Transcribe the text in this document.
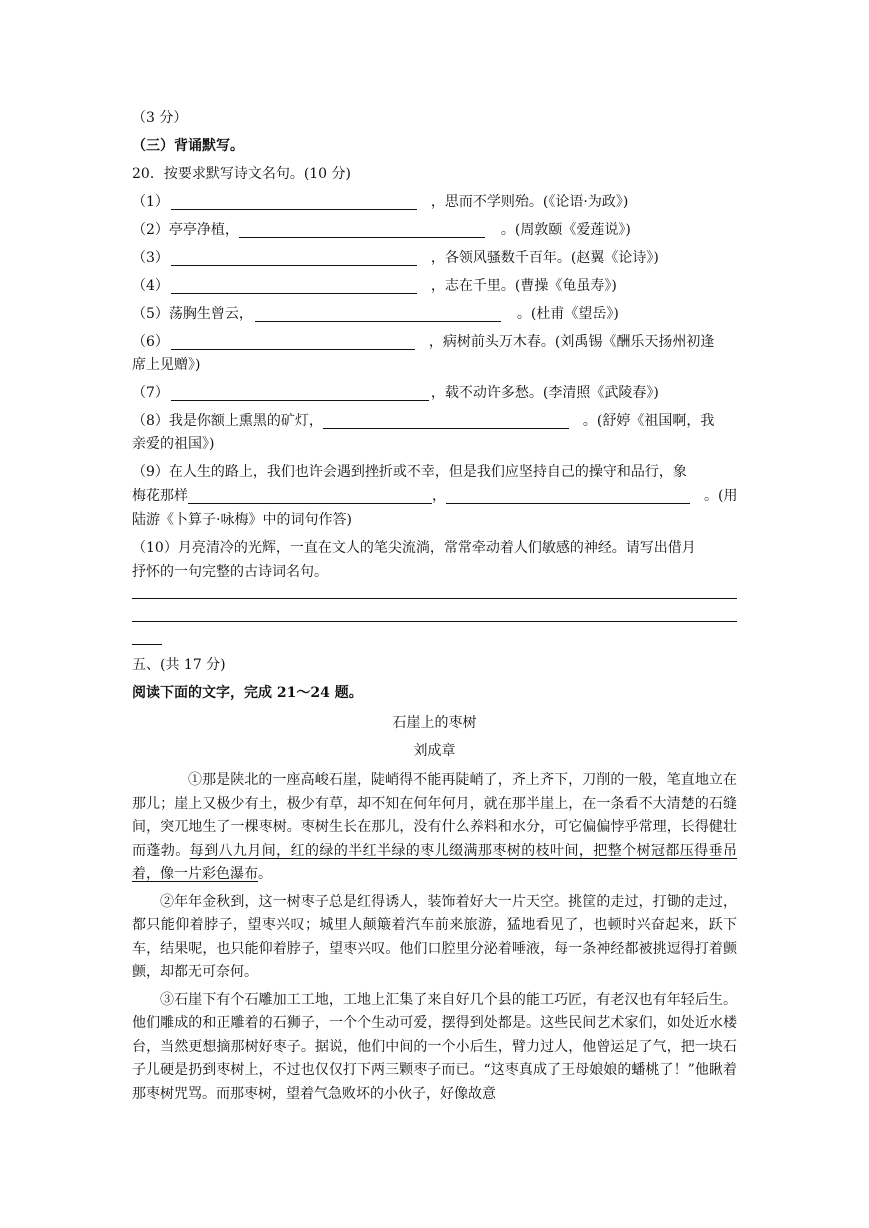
（3 分）
（三）背诵默写。
20．按要求默写诗文名句。(10 分)
（1）	，思而不学则殆。(《论语·为政》)
（2）亭亭净植，	。(周敦颐《爱莲说》)
（3）	，各领风骚数千百年。(赵翼《论诗》)
（4）	，志在千里。(曹操《龟虽寿》)
（5）荡胸生曾云，	。(杜甫《望岳》)
（6）	，病树前头万木春。(刘禹锡《酬乐天扬州初逢
席上见赠》)
（7）	，载不动许多愁。(李清照《武陵春》)
（8）我是你额上熏黑的矿灯，	。(舒婷《祖国啊，我
亲爱的祖国》)
（9）在人生的路上，我们也许会遇到挫折或不幸，但是我们应坚持自己的操守和品行，象
梅花那样	，	。(用
陆游《卜算子·咏梅》中的词句作答)
（10）月亮清冷的光辉，一直在文人的笔尖流淌，常常牵动着人们敏感的神经。请写出借月
抒怀的一句完整的古诗词名句。
五、(共 17 分)
阅读下面的文字，完成 21～24 题。
石崖上的枣树
刘成章
①那是陕北的一座高峻石崖，陡峭得不能再陡峭了，齐上齐下，刀削的一般，笔直地立在那儿；崖上又极少有土，极少有草，却不知在何年何月，就在那半崖上，在一条看不大清楚的石缝间，突兀地生了一棵枣树。枣树生长在那儿，没有什么养料和水分，可它偏偏悖乎常理，长得健壮而蓬勃。每到八九月间，红的绿的半红半绿的枣儿缀满那枣树的枝叶间，把整个树冠都压得垂吊着，像一片彩色瀑布。
②年年金秋到，这一树枣子总是红得诱人，装饰着好大一片天空。挑筐的走过，打锄的走过，都只能仰着脖子，望枣兴叹；城里人颠簸着汽车前来旅游，猛地看见了，也顿时兴奋起来，跃下车，结果呢，也只能仰着脖子，望枣兴叹。他们口腔里分泌着唾液，每一条神经都被挑逗得打着颤颤，却都无可奈何。
③石崖下有个石雕加工工地，工地上汇集了来自好几个县的能工巧匠，有老汉也有年轻后生。他们雕成的和正雕着的石狮子，一个个生动可爱，摆得到处都是。这些民间艺术家们，如处近水楼台，当然更想摘那树好枣子。据说，他们中间的一个小后生，臂力过人，他曾运足了气，把一块石子儿硬是扔到枣树上，不过也仅仅打下两三颗枣子而已。“这枣真成了王母娘娘的蟠桃了！”他瞅着那枣树咒骂。而那枣树，望着气急败坏的小伙子，好像故意
